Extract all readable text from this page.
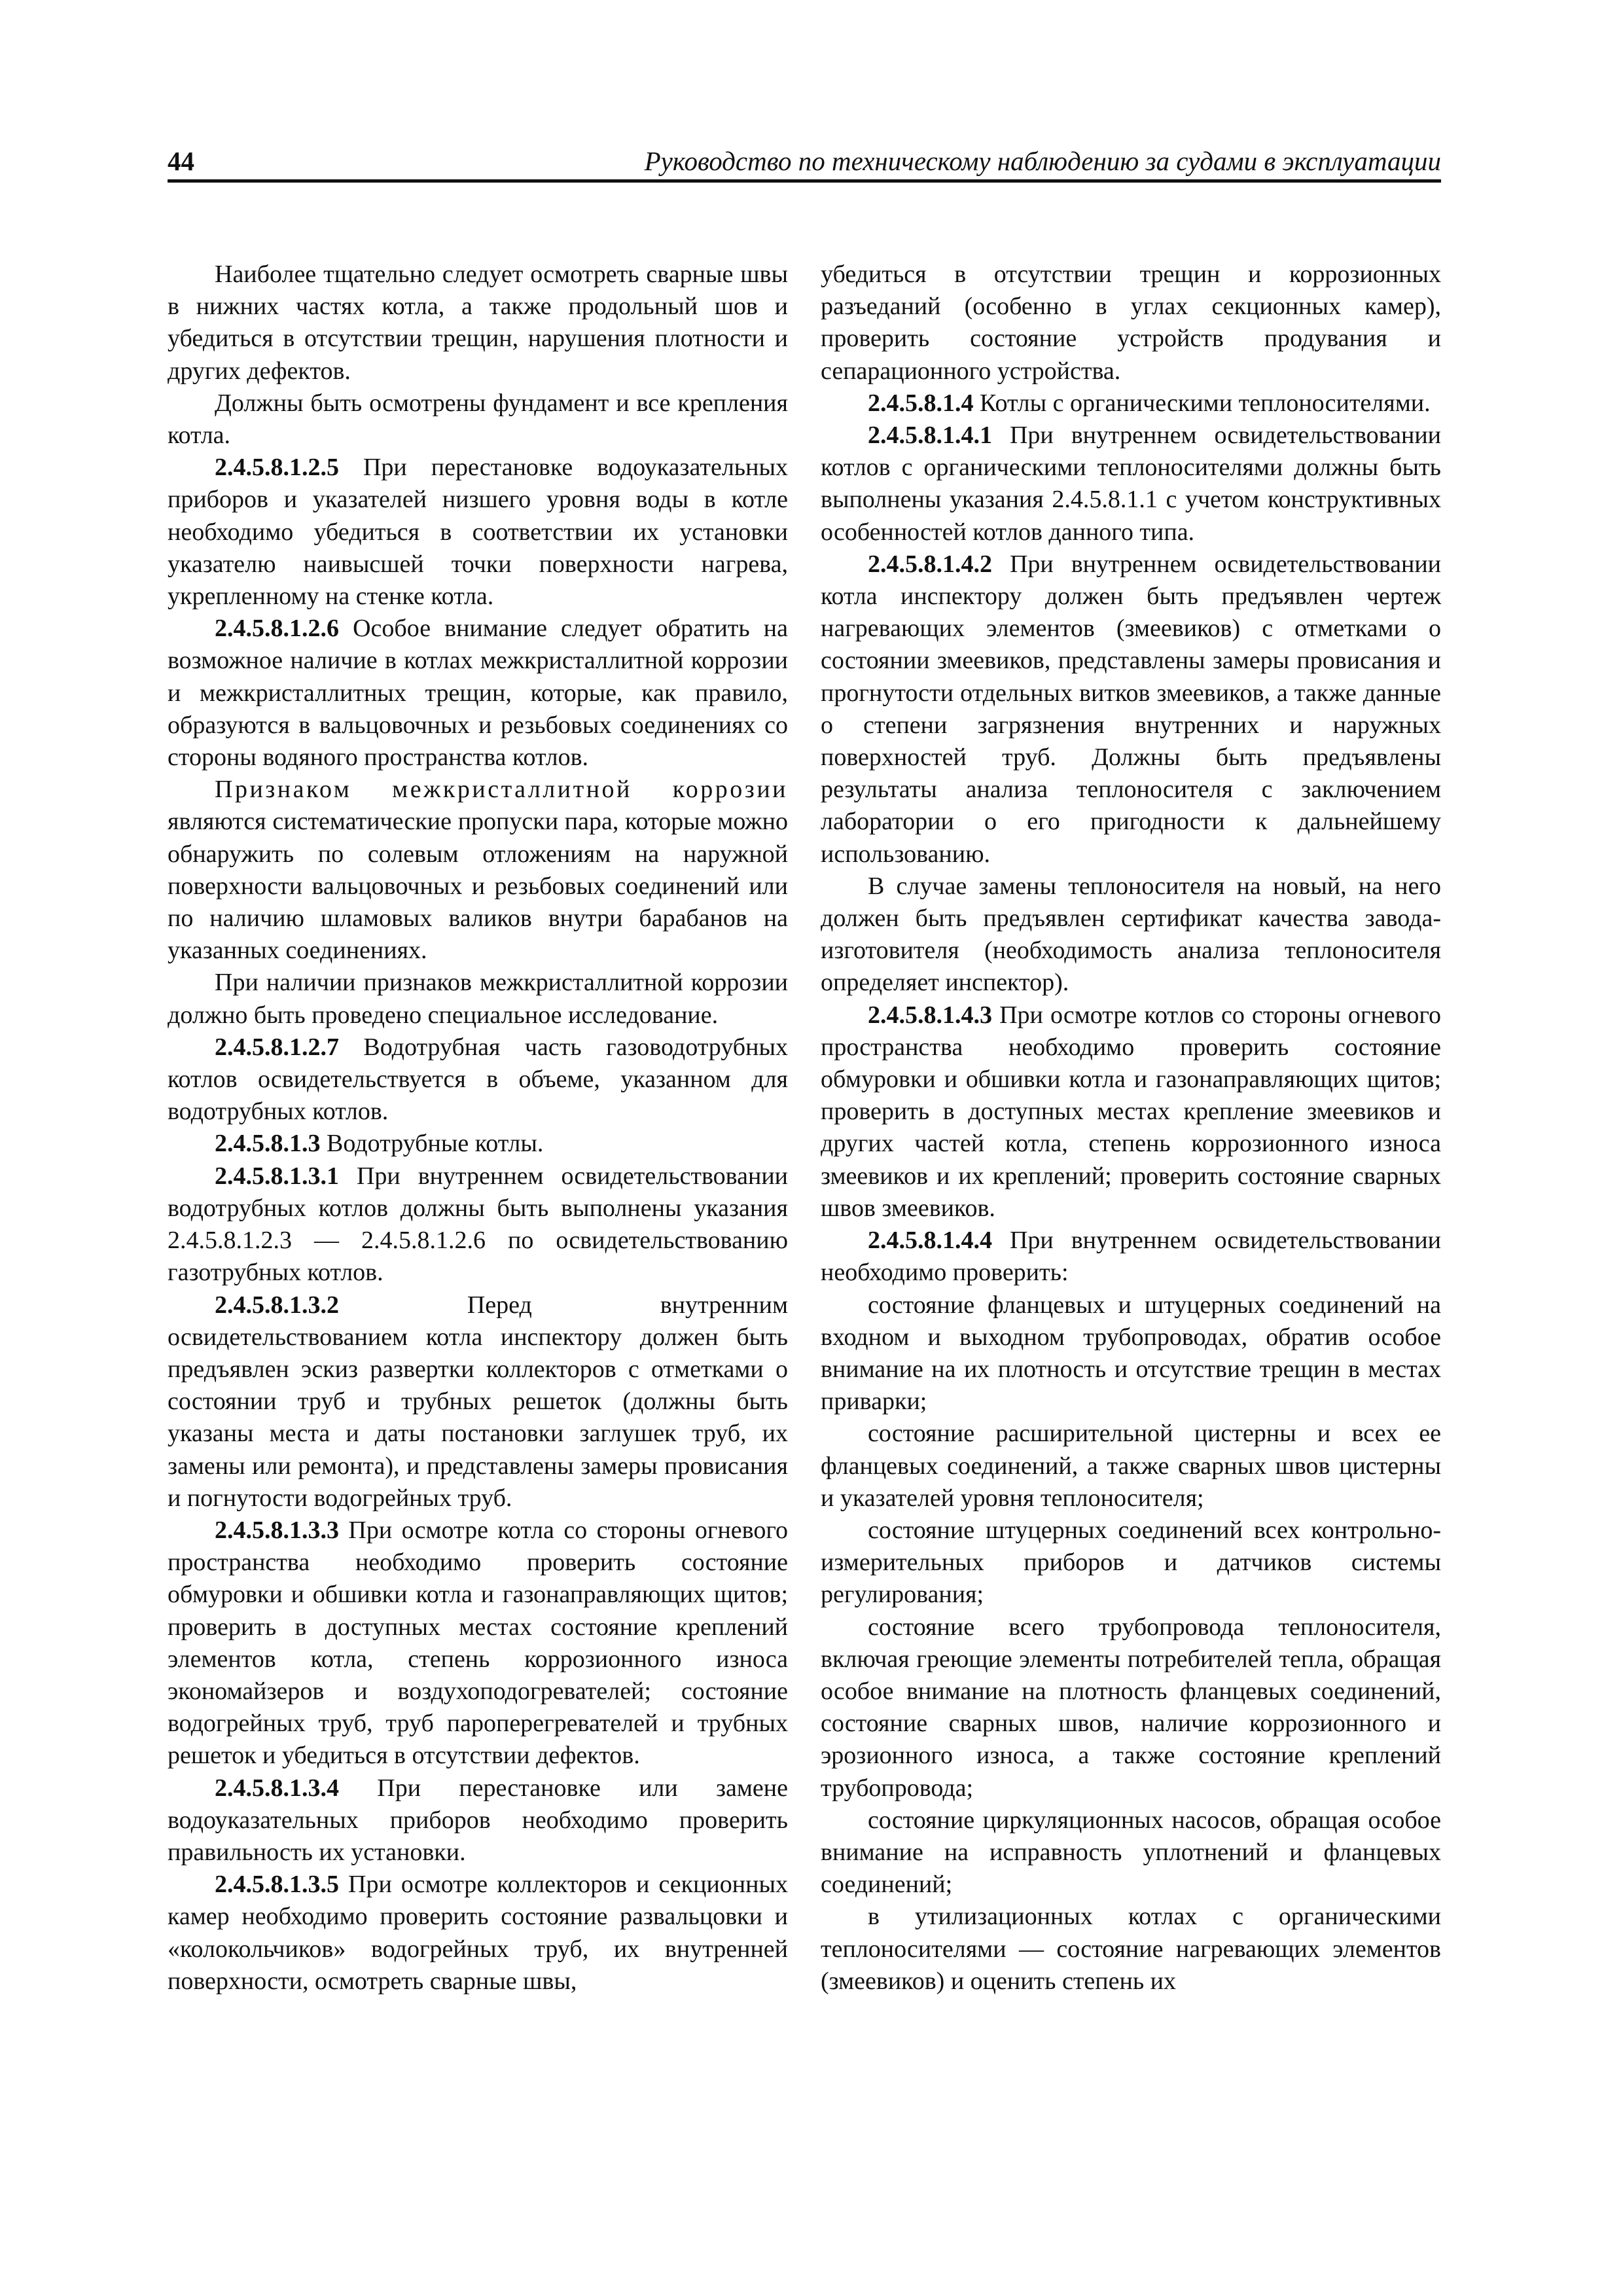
44	Руководство по техническому наблюдению за судами в эксплуатации

Наиболее тщательно следует осмотреть сварные швы в нижних частях котла, а также продольный шов и убедиться в отсутствии трещин, нарушения плотности и других дефектов.

Должны быть осмотрены фундамент и все крепления котла.

2.4.5.8.1.2.5 При перестановке водоуказательных приборов и указателей низшего уровня воды в котле необходимо убедиться в соответствии их установки указателю наивысшей точки поверхности нагрева, укрепленному на стенке котла.

2.4.5.8.1.2.6 Особое внимание следует обратить на возможное наличие в котлах межкристаллитной коррозии и межкристаллитных трещин, которые, как правило, образуются в вальцовочных и резьбовых соединениях со стороны водяного пространства котлов.

Признаком межкристаллитной коррозии являются систематические пропуски пара, которые можно обнаружить по солевым отложениям на наружной поверхности вальцовочных и резьбовых соединений или по наличию шламовых валиков внутри барабанов на указанных соединениях.

При наличии признаков межкристаллитной коррозии должно быть проведено специальное исследование.

2.4.5.8.1.2.7 Водотрубная часть газоводотрубных котлов освидетельствуется в объеме, указанном для водотрубных котлов.

2.4.5.8.1.3 Водотрубные котлы.

2.4.5.8.1.3.1 При внутреннем освидетельствовании водотрубных котлов должны быть выполнены указания 2.4.5.8.1.2.3 — 2.4.5.8.1.2.6 по освидетельствованию газотрубных котлов.

2.4.5.8.1.3.2 Перед внутренним освидетельствованием котла инспектору должен быть предъявлен эскиз развертки коллекторов с отметками о состоянии труб и трубных решеток (должны быть указаны места и даты постановки заглушек труб, их замены или ремонта), и представлены замеры провисания и погнутости водогрейных труб.

2.4.5.8.1.3.3 При осмотре котла со стороны огневого пространства необходимо проверить состояние обмуровки и обшивки котла и газонаправляющих щитов; проверить в доступных местах состояние креплений элементов котла, степень коррозионного износа экономайзеров и воздухоподогревателей; состояние водогрейных труб, труб пароперегревателей и трубных решеток и убедиться в отсутствии дефектов.

2.4.5.8.1.3.4 При перестановке или замене водоуказательных приборов необходимо проверить правильность их установки.

2.4.5.8.1.3.5 При осмотре коллекторов и секционных камер необходимо проверить состояние развальцовки и «колокольчиков» водогрейных труб, их внутренней поверхности, осмотреть сварные швы,

убедиться в отсутствии трещин и коррозионных разъеданий (особенно в углах секционных камер), проверить состояние устройств продувания и сепарационного устройства.

2.4.5.8.1.4 Котлы с органическими теплоносителями.

2.4.5.8.1.4.1 При внутреннем освидетельствовании котлов с органическими теплоносителями должны быть выполнены указания 2.4.5.8.1.1 с учетом конструктивных особенностей котлов данного типа.

2.4.5.8.1.4.2 При внутреннем освидетельствовании котла инспектору должен быть предъявлен чертеж нагревающих элементов (змеевиков) с отметками о состоянии змеевиков, представлены замеры провисания и прогнутости отдельных витков змеевиков, а также данные о степени загрязнения внутренних и наружных поверхностей труб. Должны быть предъявлены результаты анализа теплоносителя с заключением лаборатории о его пригодности к дальнейшему использованию.

В случае замены теплоносителя на новый, на него должен быть предъявлен сертификат качества завода-изготовителя (необходимость анализа теплоносителя определяет инспектор).

2.4.5.8.1.4.3 При осмотре котлов со стороны огневого пространства необходимо проверить состояние обмуровки и обшивки котла и газонаправляющих щитов; проверить в доступных местах крепление змеевиков и других частей котла, степень коррозионного износа змеевиков и их креплений; проверить состояние сварных швов змеевиков.

2.4.5.8.1.4.4 При внутреннем освидетельствовании необходимо проверить:

состояние фланцевых и штуцерных соединений на входном и выходном трубопроводах, обратив особое внимание на их плотность и отсутствие трещин в местах приварки;

состояние расширительной цистерны и всех ее фланцевых соединений, а также сварных швов цистерны и указателей уровня теплоносителя;

состояние штуцерных соединений всех контрольно-измерительных приборов и датчиков системы регулирования;

состояние всего трубопровода теплоносителя, включая греющие элементы потребителей тепла, обращая особое внимание на плотность фланцевых соединений, состояние сварных швов, наличие коррозионного и эрозионного износа, а также состояние креплений трубопровода;

состояние циркуляционных насосов, обращая особое внимание на исправность уплотнений и фланцевых соединений;

в утилизационных котлах с органическими теплоносителями — состояние нагревающих элементов (змеевиков) и оценить степень их
